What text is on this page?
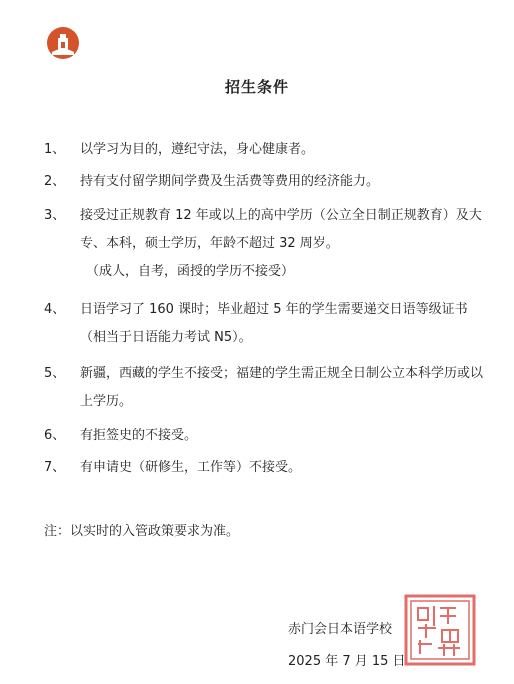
招生条件
1、 以学习为目的，遵纪守法，身心健康者。
2、 持有支付留学期间学费及生活费等费用的经济能力。
3、 接受过正规教育 12 年或以上的高中学历（公立全日制正规教育）及大专、本科，硕士学历，年龄不超过 32 周岁。
（成人，自考，函授的学历不接受）
4、 日语学习了 160 课时；毕业超过 5 年的学生需要递交日语等级证书（相当于日语能力考试 N5）。
5、 新疆，西藏的学生不接受；福建的学生需正规全日制公立本科学历或以上学历。
6、 有拒签史的不接受。
7、 有申请史（研修生，工作等）不接受。
注：以实时的入管政策要求为准。
赤门会日本语学校
2025 年 7 月 15 日
